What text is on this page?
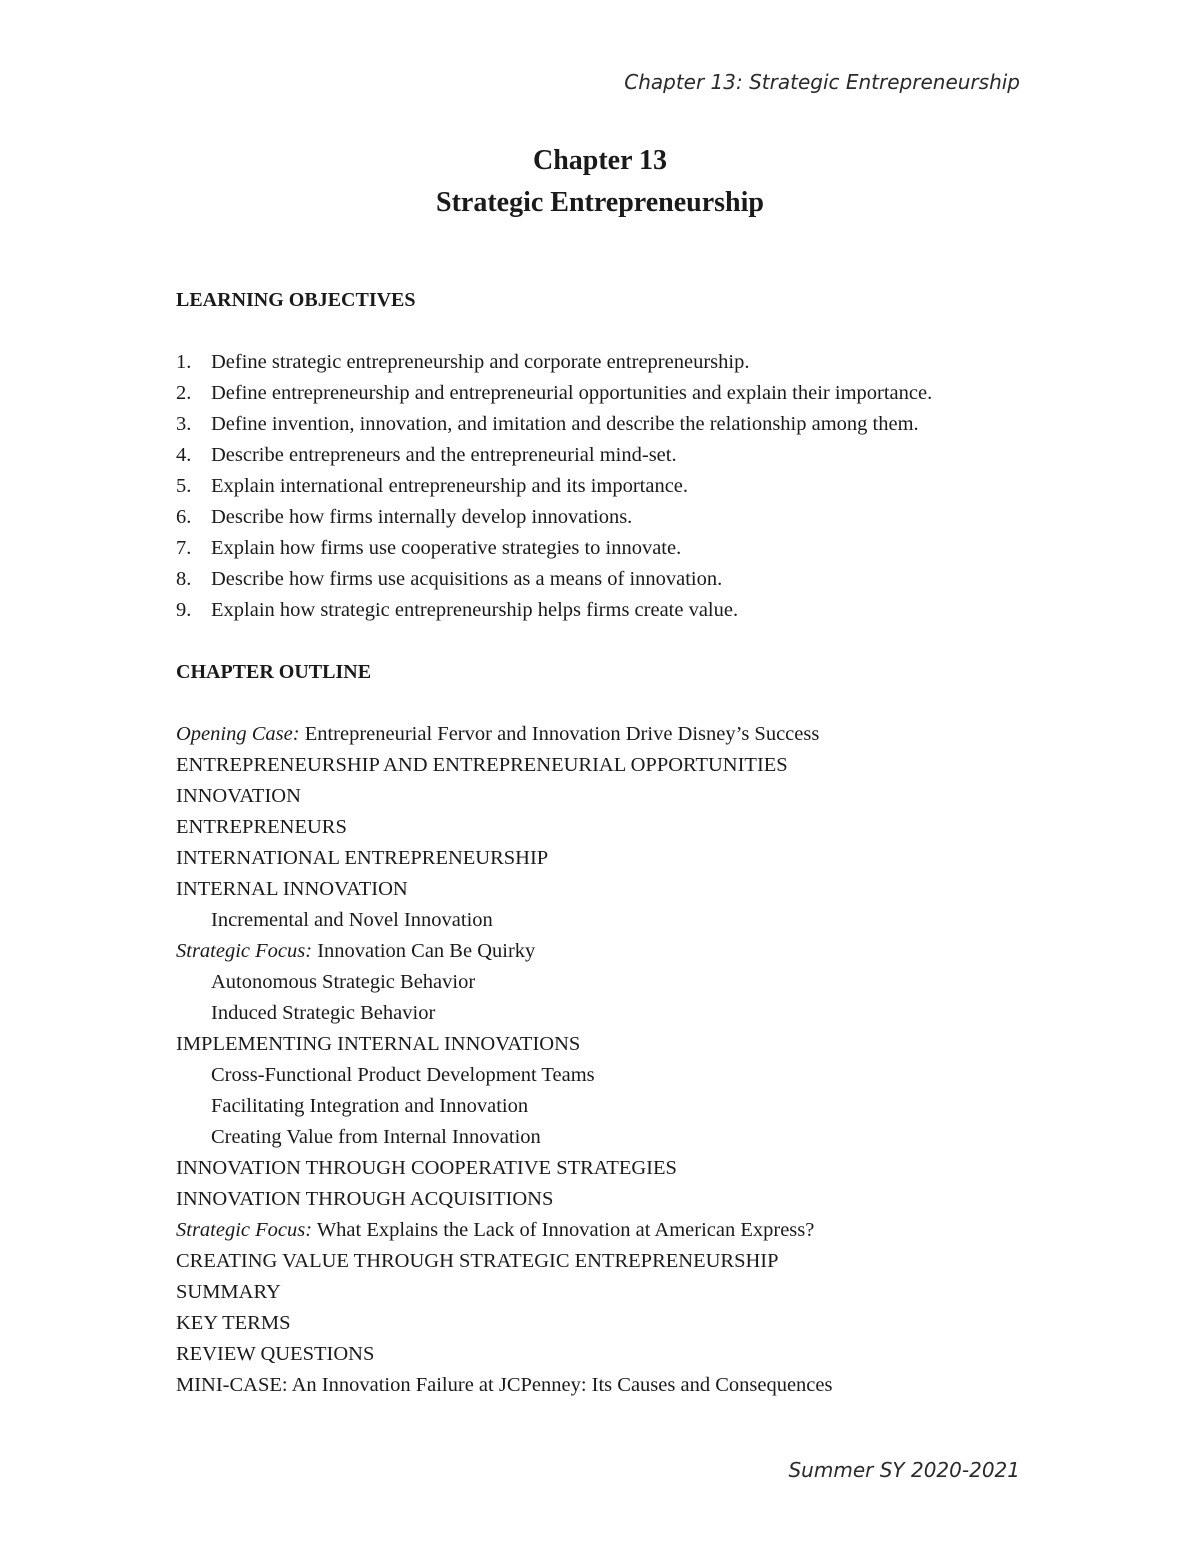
Chapter 13: Strategic Entrepreneurship
Chapter 13
Strategic Entrepreneurship
LEARNING OBJECTIVES
1. Define strategic entrepreneurship and corporate entrepreneurship.
2. Define entrepreneurship and entrepreneurial opportunities and explain their importance.
3. Define invention, innovation, and imitation and describe the relationship among them.
4. Describe entrepreneurs and the entrepreneurial mind-set.
5. Explain international entrepreneurship and its importance.
6. Describe how firms internally develop innovations.
7. Explain how firms use cooperative strategies to innovate.
8. Describe how firms use acquisitions as a means of innovation.
9. Explain how strategic entrepreneurship helps firms create value.
CHAPTER OUTLINE
Opening Case: Entrepreneurial Fervor and Innovation Drive Disney’s Success
ENTREPRENEURSHIP AND ENTREPRENEURIAL OPPORTUNITIES
INNOVATION
ENTREPRENEURS
INTERNATIONAL ENTREPRENEURSHIP
INTERNAL INNOVATION
Incremental and Novel Innovation
Strategic Focus: Innovation Can Be Quirky
Autonomous Strategic Behavior
Induced Strategic Behavior
IMPLEMENTING INTERNAL INNOVATIONS
Cross-Functional Product Development Teams
Facilitating Integration and Innovation
Creating Value from Internal Innovation
INNOVATION THROUGH COOPERATIVE STRATEGIES
INNOVATION THROUGH ACQUISITIONS
Strategic Focus: What Explains the Lack of Innovation at American Express?
CREATING VALUE THROUGH STRATEGIC ENTREPRENEURSHIP
SUMMARY
KEY TERMS
REVIEW QUESTIONS
MINI-CASE: An Innovation Failure at JCPenney: Its Causes and Consequences
Summer SY 2020-2021
